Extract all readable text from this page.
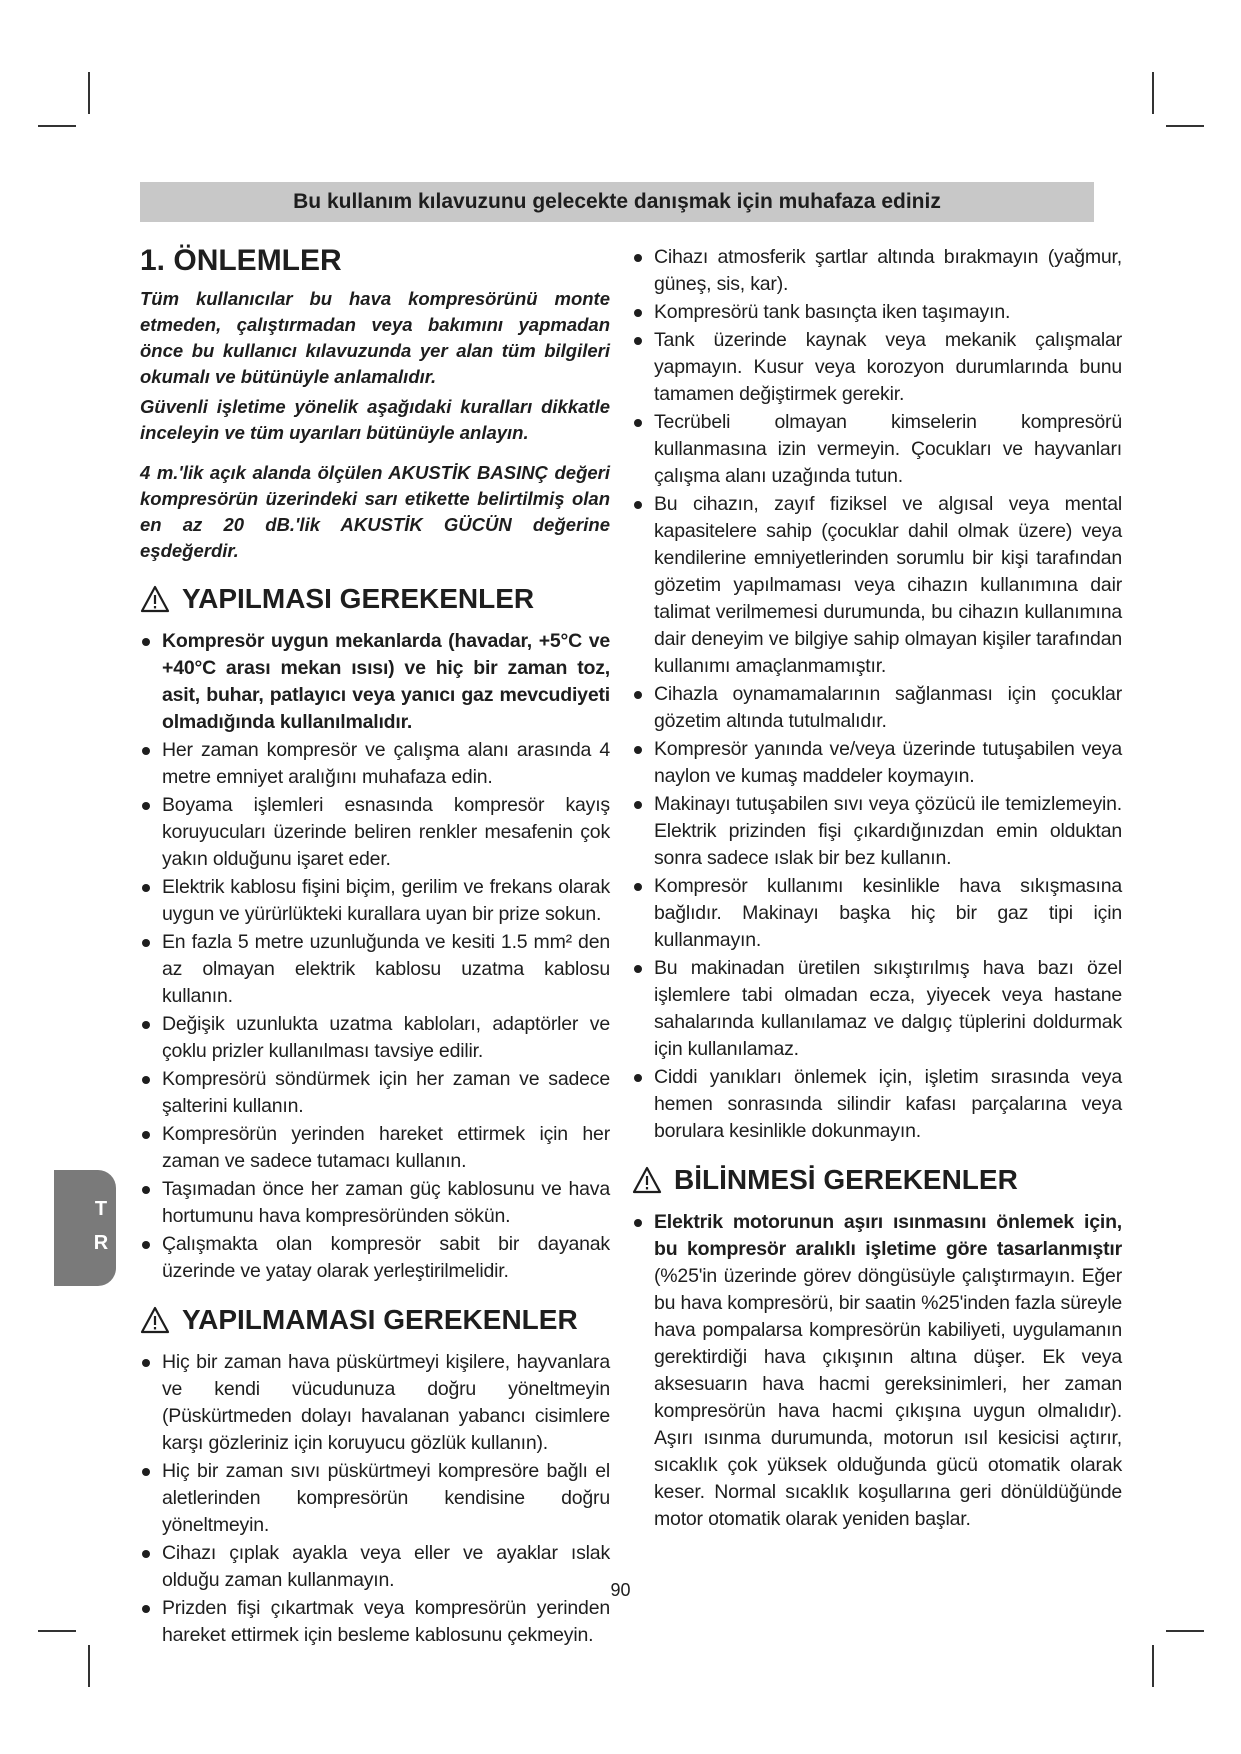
Bu kullanım kılavuzunu gelecekte danışmak için muhafaza ediniz
1. ÖNLEMLER

Tüm kullanıcılar bu hava kompresörünü monte etmeden, çalıştırmadan veya bakımını yapmadan önce bu kullanıcı kılavuzunda yer alan tüm bilgileri okumalı ve bütünüyle anlamalıdır.

Güvenli işletime yönelik aşağıdaki kuralları dikkatle inceleyin ve tüm uyarıları bütünüyle anlayın.

4 m.'lik açık alanda ölçülen AKUSTİK BASINÇ değeri kompresörün üzerindeki sarı etikette belirtilmiş olan en az 20 dB.'lik AKUSTİK GÜCÜN değerine eşdeğerdir.

YAPILMASI GEREKENLER
Kompresör uygun mekanlarda (havadar, +5°C ve +40°C arası mekan ısısı) ve hiç bir zaman toz, asit, buhar, patlayıcı veya yanıcı gaz mevcudiyeti olmadığında kullanılmalıdır.
Her zaman kompresör ve çalışma alanı arasında 4 metre emniyet aralığını muhafaza edin.
Boyama işlemleri esnasında kompresör kayış koruyucuları üzerinde beliren renkler mesafenin çok yakın olduğunu işaret eder.
Elektrik kablosu fişini biçim, gerilim ve frekans olarak uygun ve yürürlükteki kurallara uyan bir prize sokun.
En fazla 5 metre uzunluğunda ve kesiti 1.5 mm² den az olmayan elektrik kablosu uzatma kablosu kullanın.
Değişik uzunlukta uzatma kabloları, adaptörler ve çoklu prizler kullanılması tavsiye edilir.
Kompresörü söndürmek için her zaman ve sadece şalterini kullanın.
Kompresörün yerinden hareket ettirmek için her zaman ve sadece tutamacı kullanın.
Taşımadan önce her zaman güç kablosunu ve hava hortumunu hava kompresöründen sökün.
Çalışmakta olan kompresör sabit bir dayanak üzerinde ve yatay olarak yerleştirilmelidir.
YAPILMAMASI GEREKENLER
Hiç bir zaman hava püskürtmeyi kişilere, hayvanlara ve kendi vücudunuza doğru yöneltmeyin (Püskürtmeden dolayı havalanan yabancı cisimlere karşı gözleriniz için koruyucu gözlük kullanın).
Hiç bir zaman sıvı püskürtmeyi kompresöre bağlı el aletlerinden kompresörün kendisine doğru yöneltmeyin.
Cihazı çıplak ayakla veya eller ve ayaklar ıslak olduğu zaman kullanmayın.
Prizden fişi çıkartmak veya kompresörün yerinden hareket ettirmek için besleme kablosunu çekmeyin.
Cihazı atmosferik şartlar altında bırakmayın (yağmur, güneş, sis, kar).
Kompresörü tank basınçta iken taşımayın.
Tank üzerinde kaynak veya mekanik çalışmalar yapmayın. Kusur veya korozyon durumlarında bunu tamamen değiştirmek gerekir.
Tecrübeli olmayan kimselerin kompresörü kullanmasına izin vermeyin. Çocukları ve hayvanları çalışma alanı uzağında tutun.
Bu cihazın, zayıf fiziksel ve algısal veya mental kapasitelere sahip (çocuklar dahil olmak üzere) veya kendilerine emniyetlerinden sorumlu bir kişi tarafından gözetim yapılmaması veya cihazın kullanımına dair talimat verilmemesi durumunda, bu cihazın kullanımına dair deneyim ve bilgiye sahip olmayan kişiler tarafından kullanımı amaçlanmamıştır.
Cihazla oynamamalarının sağlanması için çocuklar gözetim altında tutulmalıdır.
Kompresör yanında ve/veya üzerinde tutuşabilen veya naylon ve kumaş maddeler koymayın.
Makinayı tutuşabilen sıvı veya çözücü ile temizlemeyin. Elektrik prizinden fişi çıkardığınızdan emin olduktan sonra sadece ıslak bir bez kullanın.
Kompresör kullanımı kesinlikle hava sıkışmasına bağlıdır. Makinayı başka hiç bir gaz tipi için kullanmayın.
Bu makinadan üretilen sıkıştırılmış hava bazı özel işlemlere tabi olmadan ecza, yiyecek veya hastane sahalarında kullanılamaz ve dalgıç tüplerini doldurmak için kullanılamaz.
Ciddi yanıkları önlemek için, işletim sırasında veya hemen sonrasında silindir kafası parçalarına veya borulara kesinlikle dokunmayın.
BİLİNMESİ GEREKENLER
Elektrik motorunun aşırı ısınmasını önlemek için, bu kompresör aralıklı işletime göre tasarlanmıştır (%25'in üzerinde görev döngüsüyle çalıştırmayın. Eğer bu hava kompresörü, bir saatin %25'inden fazla süreyle hava pompalarsa kompresörün kabiliyeti, uygulamanın gerektirdiği hava çıkışının altına düşer. Ek veya aksesuarın hava hacmi gereksinimleri, her zaman kompresörün hava hacmi çıkışına uygun olmalıdır). Aşırı ısınma durumunda, motorun ısıl kesicisi açtırır, sıcaklık çok yüksek olduğunda gücü otomatik olarak keser. Normal sıcaklık koşullarına geri dönüldüğünde motor otomatik olarak yeniden başlar.
90
T
R
